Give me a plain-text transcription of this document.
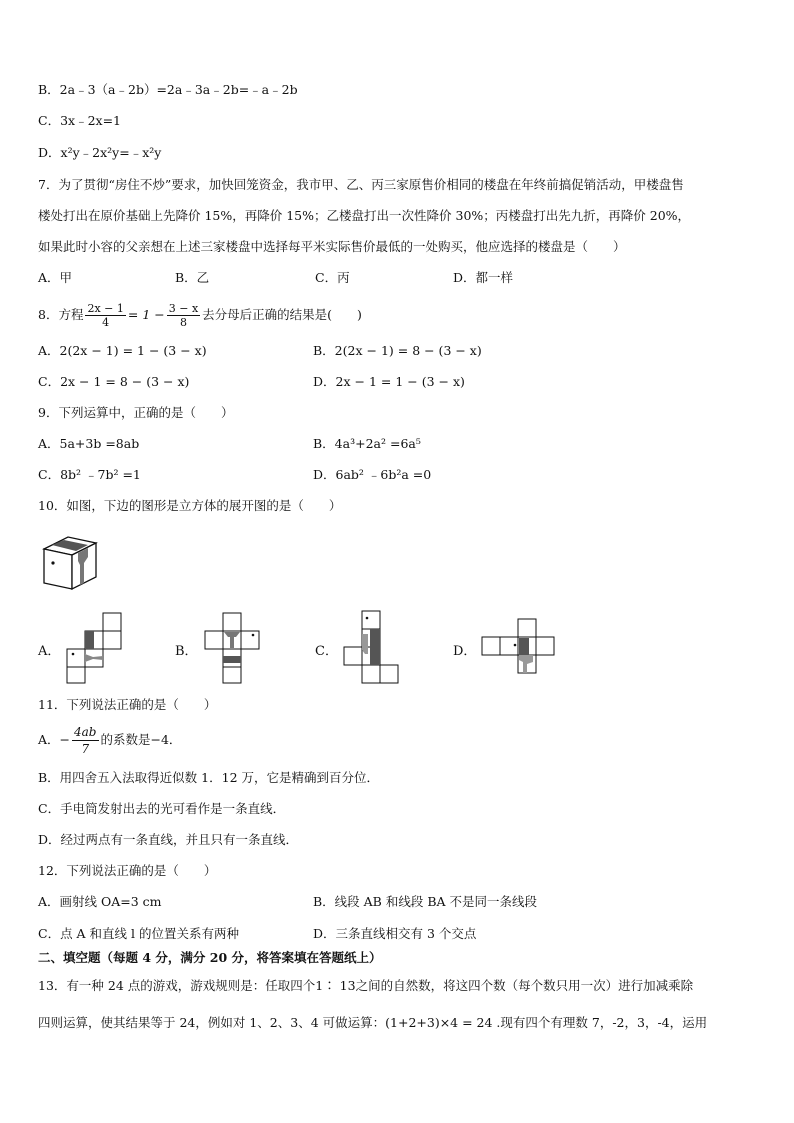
B．2a﹣3（a﹣2b）=2a﹣3a﹣2b=﹣a﹣2b
C．3x﹣2x=1
D．x²y﹣2x²y=﹣x²y
7．为了贯彻“房住不炒”要求，加快回笼资金，我市甲、乙、丙三家原售价相同的楼盘在年终前搞促销活动，甲楼盘售
楼处打出在原价基础上先降价 15%，再降价 15%；乙楼盘打出一次性降价 30%；丙楼盘打出先九折，再降价 20%，
如果此时小容的父亲想在上述三家楼盘中选择每平米实际售价最低的一处购买，他应选择的楼盘是（　　）
A．甲	B．乙	C．丙	D．都一样
8．方程 $\frac{2x - 1}{4} = 1 - \frac{3 - x}{8}$ 去分母后正确的结果是(　　)
A．2(2x − 1) = 1 − (3 − x)	B．2(2x − 1) = 8 − (3 − x)
C．2x − 1 = 8 − (3 − x)	D．2x − 1 = 1 − (3 − x)
9．下列运算中，正确的是（　　）
A．5a+3b =8ab	B．4a³+2a² =6a⁵
C．8b² ﹣7b² =1	D．6ab² ﹣6b²a =0
10．如图，下边的图形是立方体的展开图的是（　　）
A．	B．	C．	D．
11．下列说法正确的是（　　）
A．− $\frac{4ab}{7}$ 的系数是−4．
B．用四舍五入法取得近似数 1．12 万，它是精确到百分位．
C．手电筒发射出去的光可看作是一条直线．
D．经过两点有一条直线，并且只有一条直线．
12．下列说法正确的是（　　）
A．画射线 OA=3 cm	B．线段 AB 和线段 BA 不是同一条线段
C．点 A 和直线 l 的位置关系有两种	D．三条直线相交有 3 个交点
二、填空题（每题 4 分，满分 20 分，将答案填在答题纸上）
13．有一种 24 点的游戏，游戏规则是：任取四个1∶ 13之间的自然数，将这四个数（每个数只用一次）进行加减乘除
四则运算，使其结果等于 24，例如对 1、2、3、4 可做运算：(1+2+3)×4 = 24 .现有四个有理数 7，-2，3，-4，运用
